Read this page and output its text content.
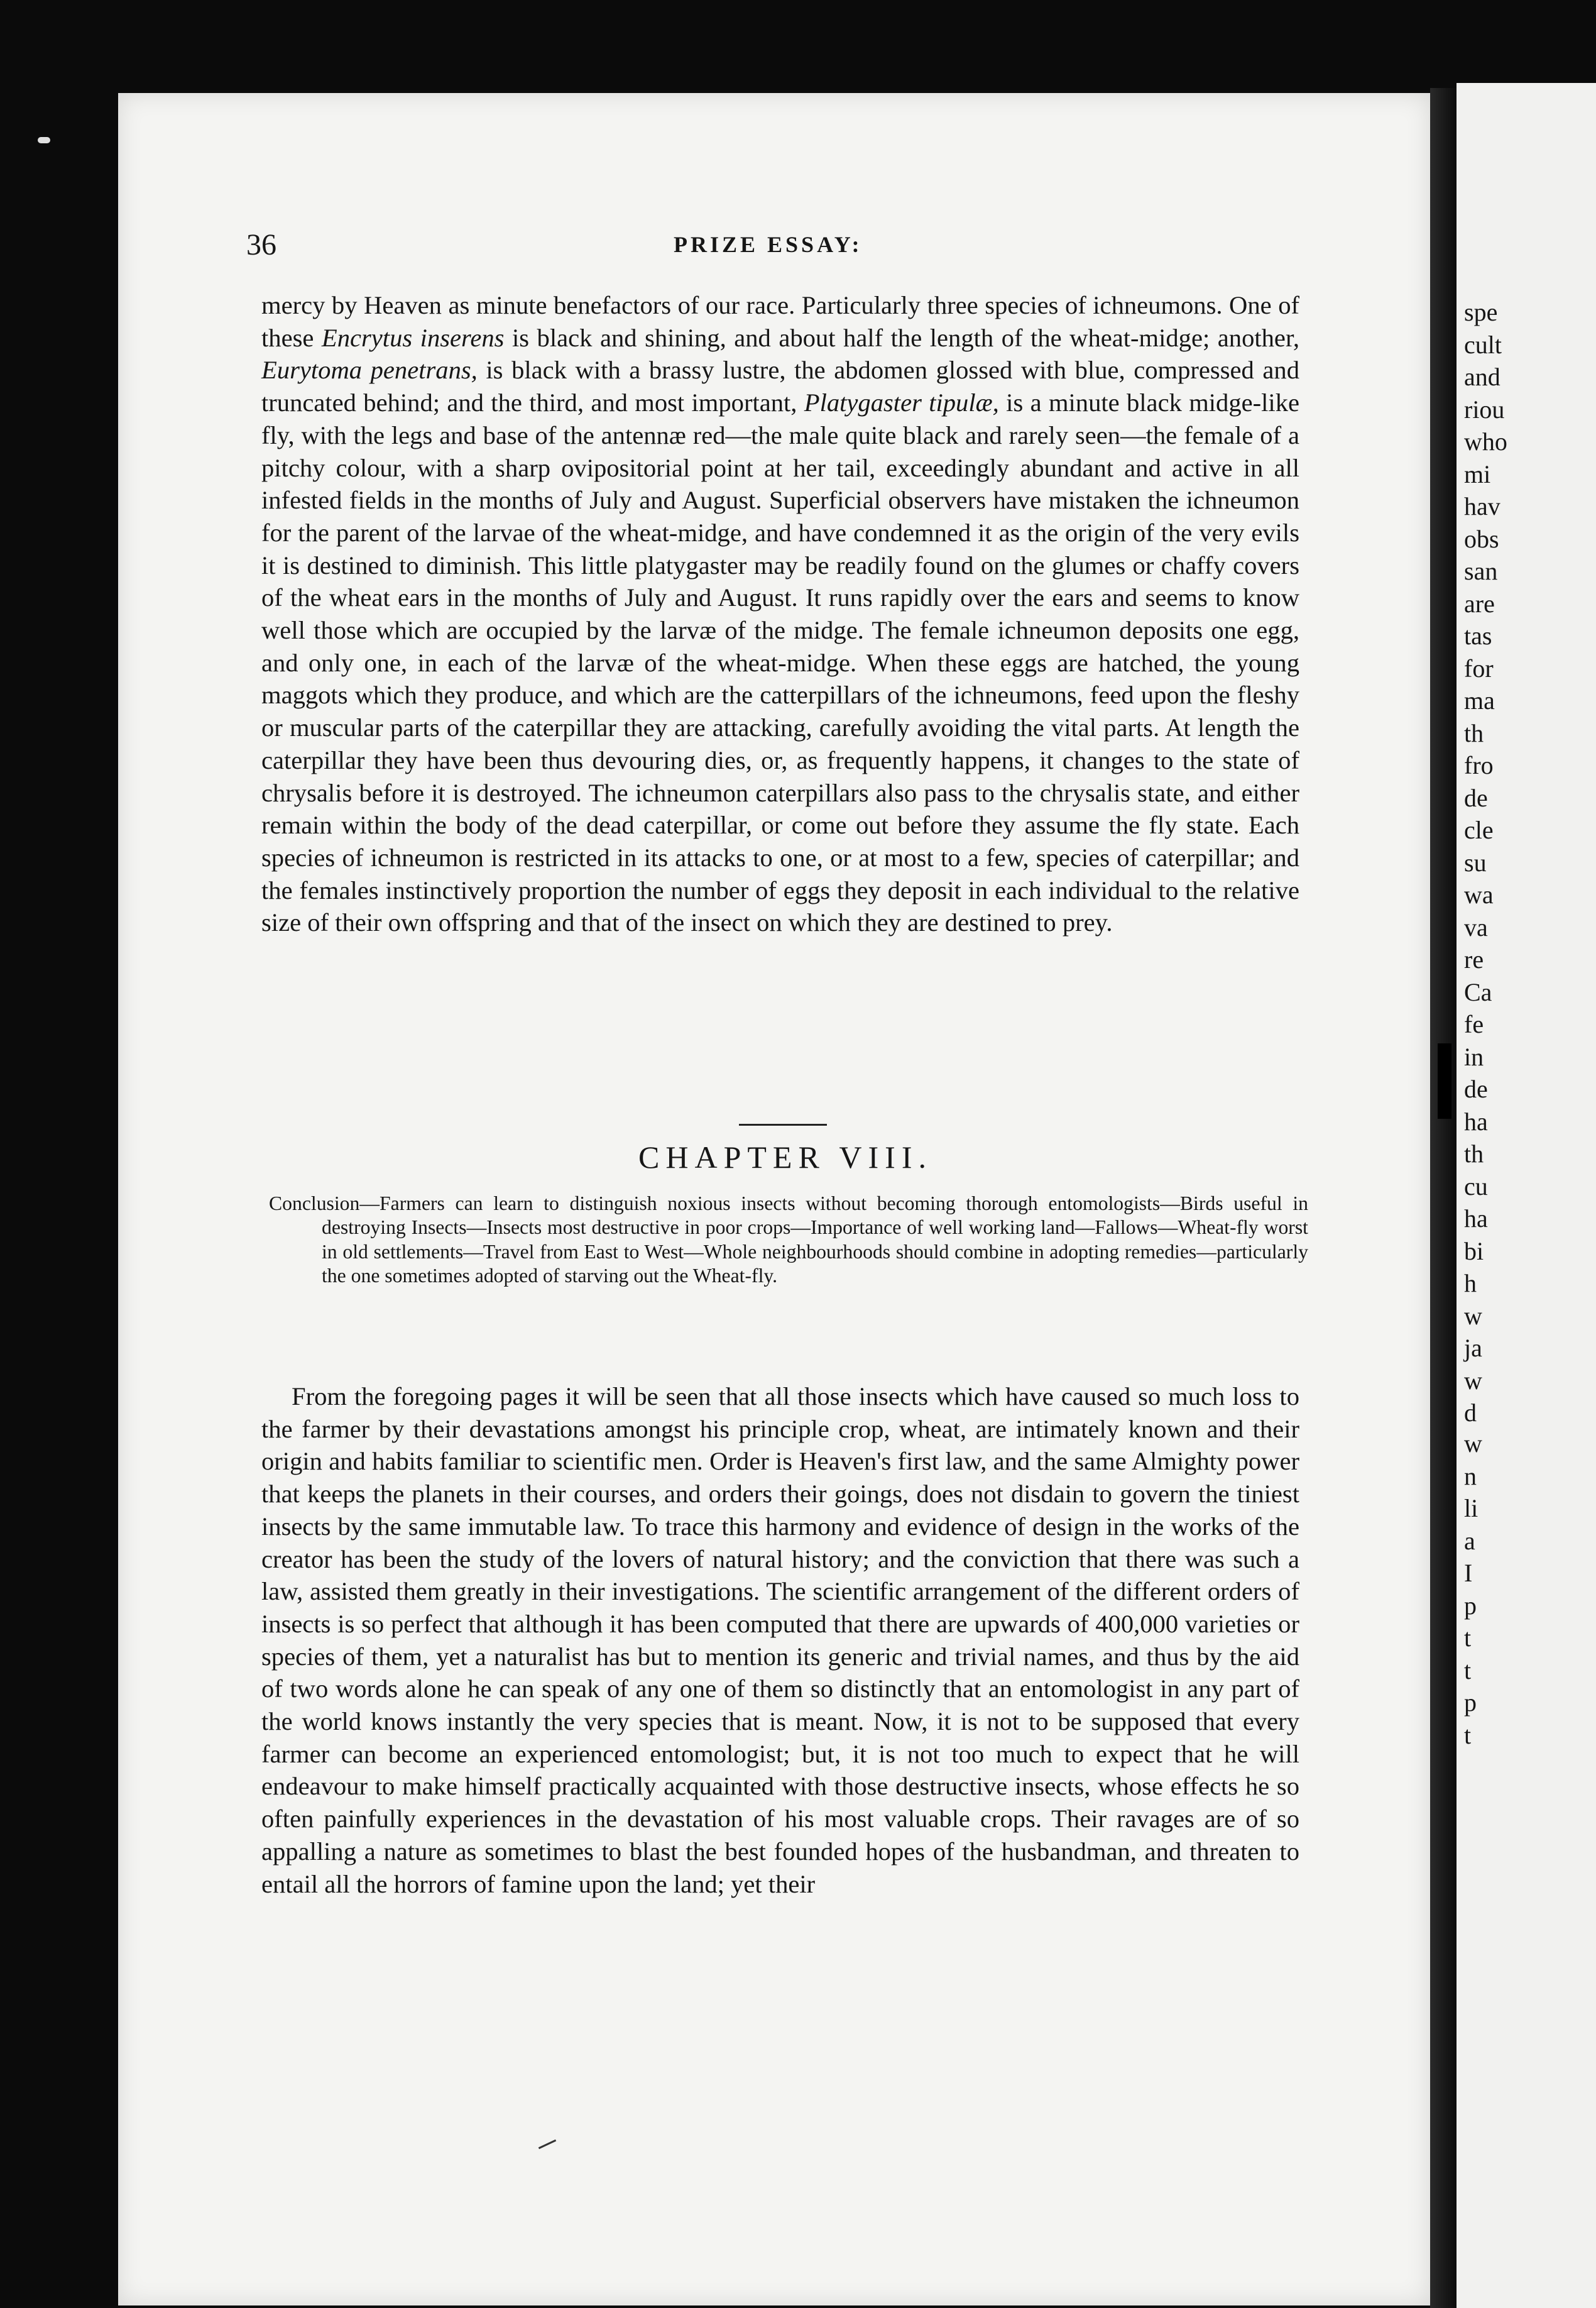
spe
cult
and
riou
who
mi
hav
obs
san
are
tas
for
ma
th
fro
de
cle
su
wa
va
re
Ca
fe
in
de
ha
th
cu
ha
bi
h
w
ja
w
d
w
n
li
a
I
p
t
t
p
t
36	PRIZE ESSAY:

mercy by Heaven as minute benefactors of our race. Particularly three species of ichneumons. One of these Encrytus inserens is black and shining, and about half the length of the wheat-midge; another, Eurytoma penetrans, is black with a brassy lustre, the abdomen glossed with blue, compressed and truncated behind; and the third, and most important, Platygaster tipulæ, is a minute black midge-like fly, with the legs and base of the antennæ red—the male quite black and rarely seen—the female of a pitchy colour, with a sharp ovipositorial point at her tail, exceedingly abundant and active in all infested fields in the months of July and August. Superficial observers have mistaken the ichneumon for the parent of the larvae of the wheat-midge, and have condemned it as the origin of the very evils it is destined to diminish. This little platygaster may be readily found on the glumes or chaffy covers of the wheat ears in the months of July and August. It runs rapidly over the ears and seems to know well those which are occupied by the larvæ of the midge. The female ichneumon deposits one egg, and only one, in each of the larvæ of the wheat-midge. When these eggs are hatched, the young maggots which they produce, and which are the catterpillars of the ichneumons, feed upon the fleshy or muscular parts of the caterpillar they are attacking, carefully avoiding the vital parts. At length the caterpillar they have been thus devouring dies, or, as frequently happens, it changes to the state of chrysalis before it is destroyed. The ichneumon caterpillars also pass to the chrysalis state, and either remain within the body of the dead caterpillar, or come out before they assume the fly state. Each species of ichneumon is restricted in its attacks to one, or at most to a few, species of caterpillar; and the females instinctively proportion the number of eggs they deposit in each individual to the relative size of their own offspring and that of the insect on which they are destined to prey.

CHAPTER VIII.

Conclusion—Farmers can learn to distinguish noxious insects without becoming thorough entomologists—Birds useful in destroying Insects—Insects most destructive in poor crops—Importance of well working land—Fallows—Wheat-fly worst in old settlements—Travel from East to West—Whole neighbourhoods should combine in adopting remedies—particularly the one sometimes adopted of starving out the Wheat-fly.

From the foregoing pages it will be seen that all those insects which have caused so much loss to the farmer by their devastations amongst his principle crop, wheat, are intimately known and their origin and habits familiar to scientific men. Order is Heaven's first law, and the same Almighty power that keeps the planets in their courses, and orders their goings, does not disdain to govern the tiniest insects by the same immutable law. To trace this harmony and evidence of design in the works of the creator has been the study of the lovers of natural history; and the conviction that there was such a law, assisted them greatly in their investigations. The scientific arrangement of the different orders of insects is so perfect that although it has been computed that there are upwards of 400,000 varieties or species of them, yet a naturalist has but to mention its generic and trivial names, and thus by the aid of two words alone he can speak of any one of them so distinctly that an entomologist in any part of the world knows instantly the very species that is meant. Now, it is not to be supposed that every farmer can become an experienced entomologist; but, it is not too much to expect that he will endeavour to make himself practically acquainted with those destructive insects, whose effects he so often painfully experiences in the devastation of his most valuable crops. Their ravages are of so appalling a nature as sometimes to blast the best founded hopes of the husbandman, and threaten to entail all the horrors of famine upon the land; yet their
